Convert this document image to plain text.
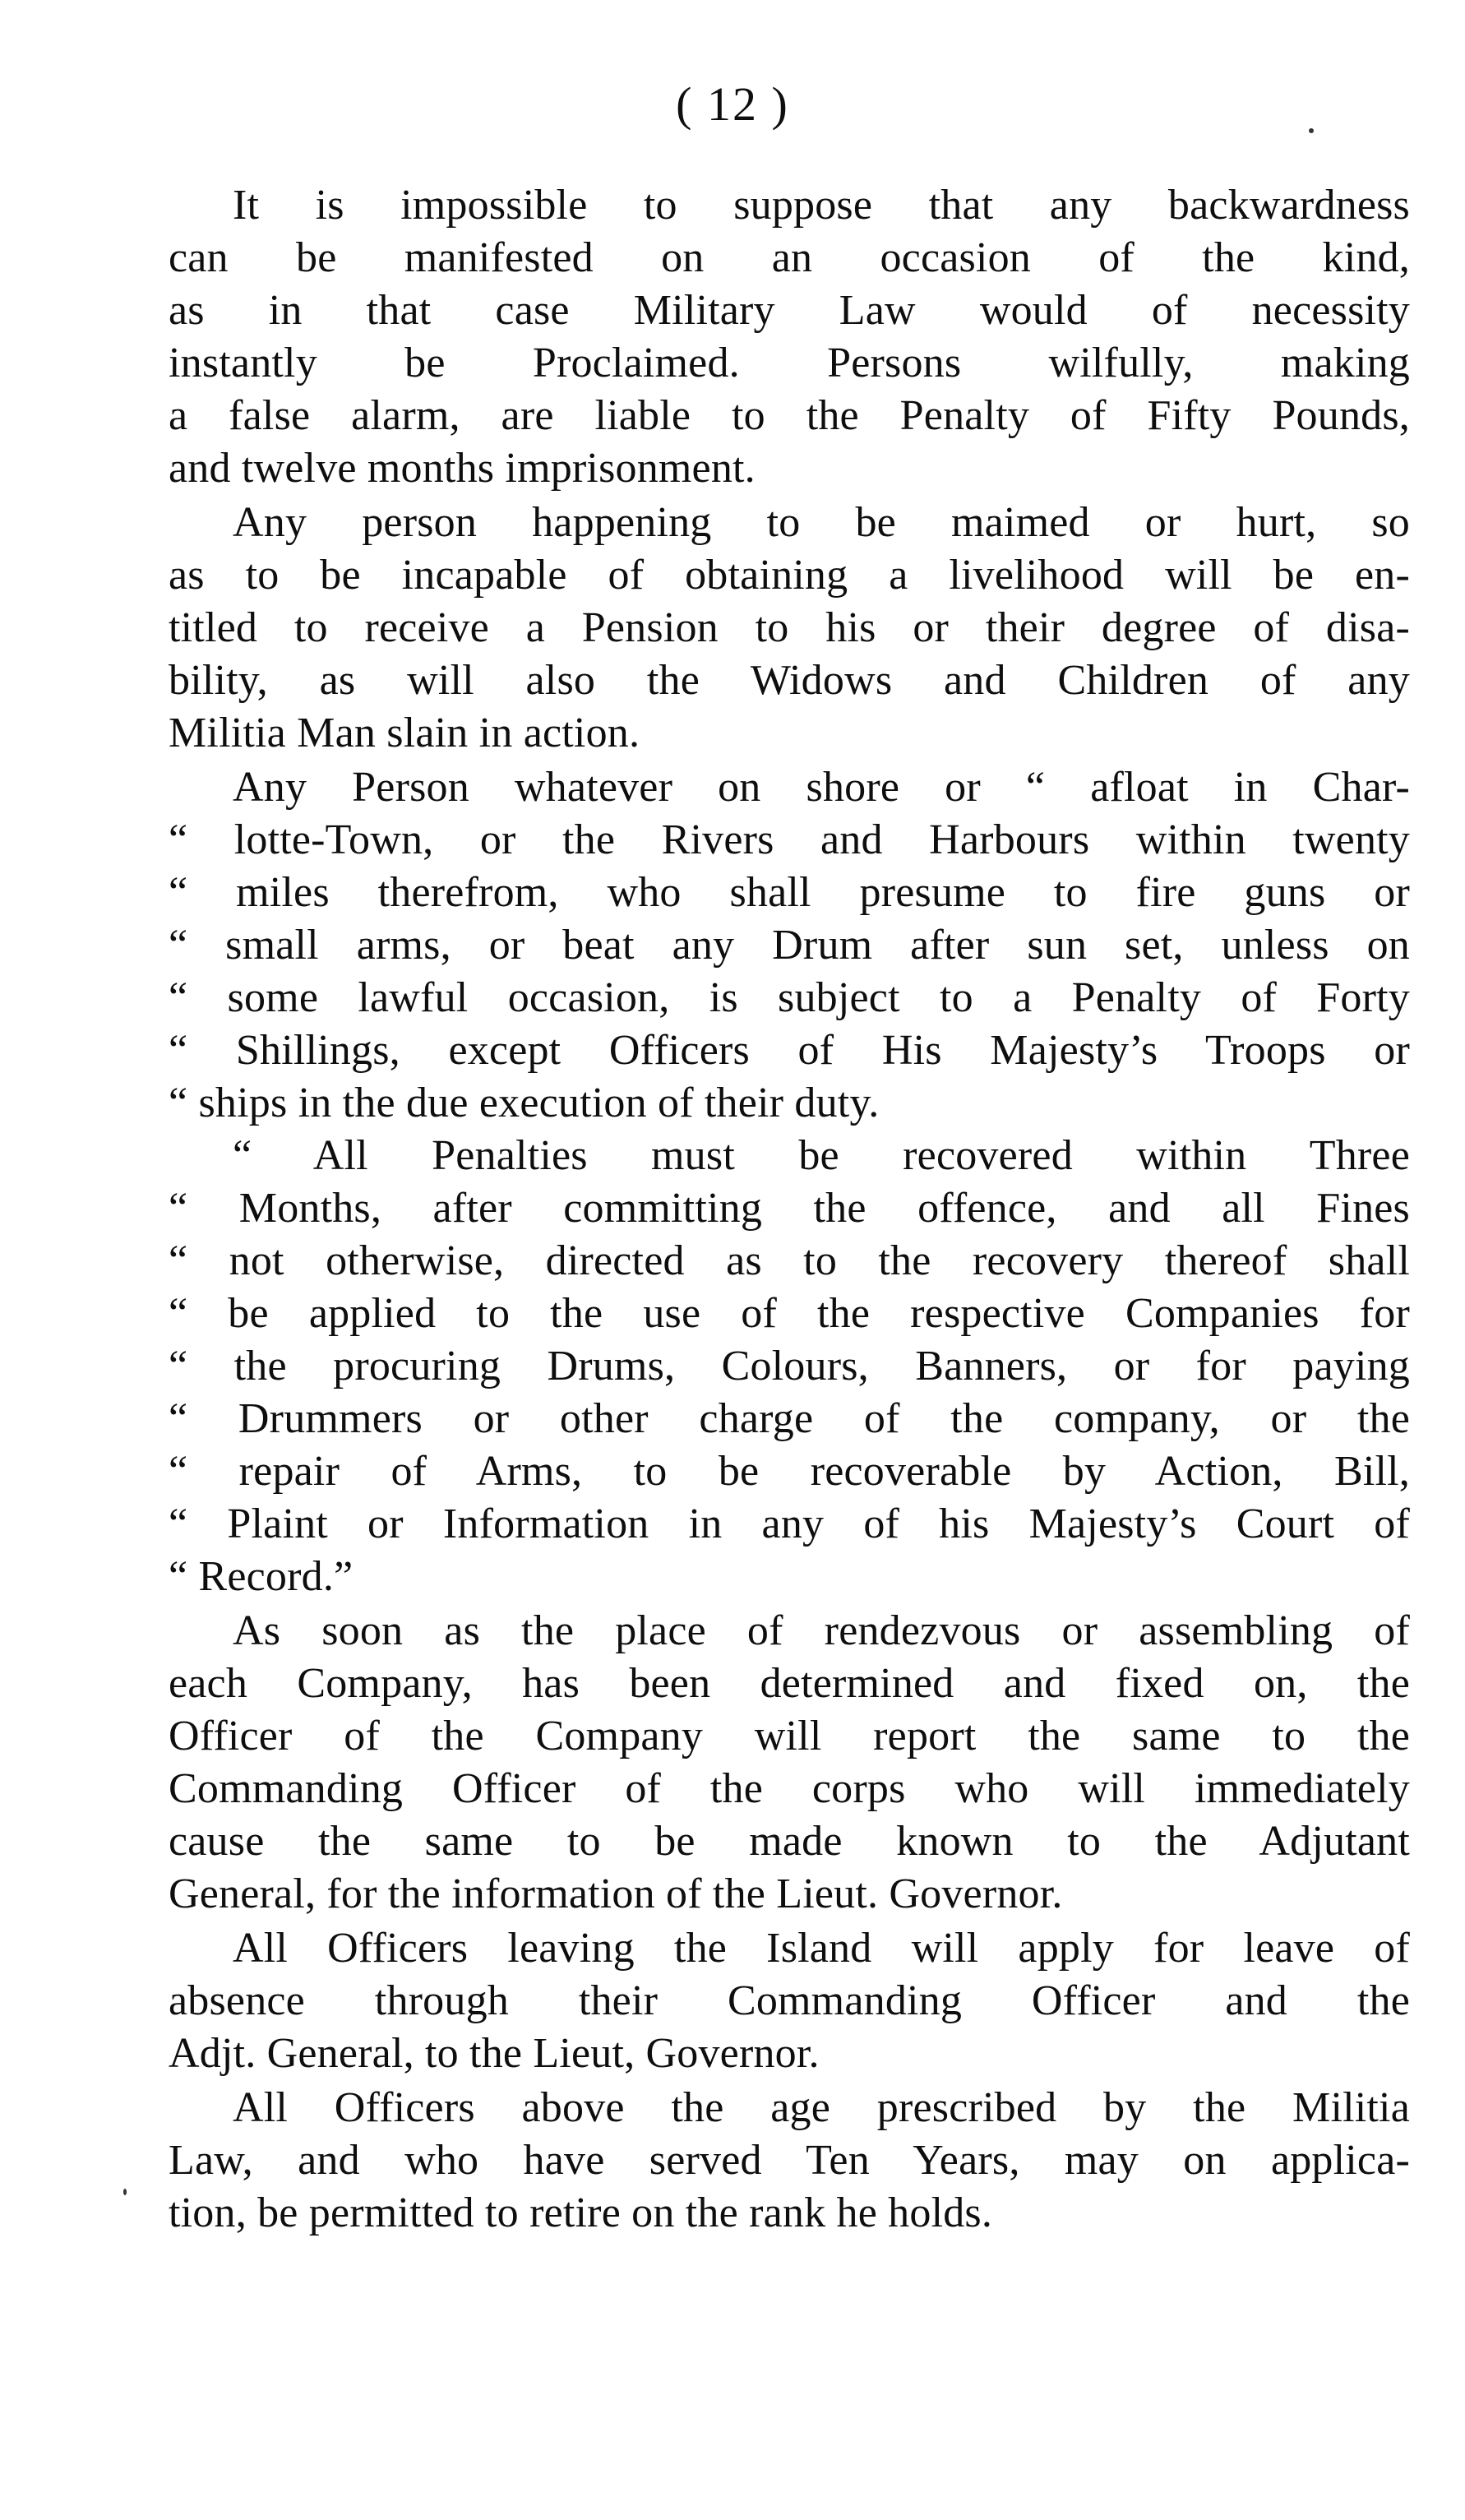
( 12 )
It is impossible to suppose that any backwardness
can be manifested on an occasion of the kind,
as in that case Military Law would of necessity
instantly be Proclaimed. Persons wilfully, making
a false alarm, are liable to the Penalty of Fifty Pounds,
and twelve months imprisonment.
Any person happening to be maimed or hurt, so
as to be incapable of obtaining a livelihood will be en-
titled to receive a Pension to his or their degree of disa-
bility, as will also the Widows and Children of any
Militia Man slain in action.
Any Person whatever on shore or “ afloat in Char-
“ lotte-Town, or the Rivers and Harbours within twenty
“ miles therefrom, who shall presume to fire guns or
“ small arms, or beat any Drum after sun set, unless on
“ some lawful occasion, is subject to a Penalty of Forty
“ Shillings, except Officers of His Majesty’s Troops or
“ ships in the due execution of their duty.
“ All Penalties must be recovered within Three
“ Months, after committing the offence, and all Fines
“ not otherwise, directed as to the recovery thereof shall
“ be applied to the use of the respective Companies for
“ the procuring Drums, Colours, Banners, or for paying
“ Drummers or other charge of the company, or the
“ repair of Arms, to be recoverable by Action, Bill,
“ Plaint or Information in any of his Majesty’s Court of
“ Record.”
As soon as the place of rendezvous or assembling of
each Company, has been determined and fixed on, the
Officer of the Company will report the same to the
Commanding Officer of the corps who will immediately
cause the same to be made known to the Adjutant
General, for the information of the Lieut. Governor.
All Officers leaving the Island will apply for leave of
absence through their Commanding Officer and the
Adjt. General, to the Lieut, Governor.
All Officers above the age prescribed by the Militia
Law, and who have served Ten Years, may on applica-
tion, be permitted to retire on the rank he holds.
